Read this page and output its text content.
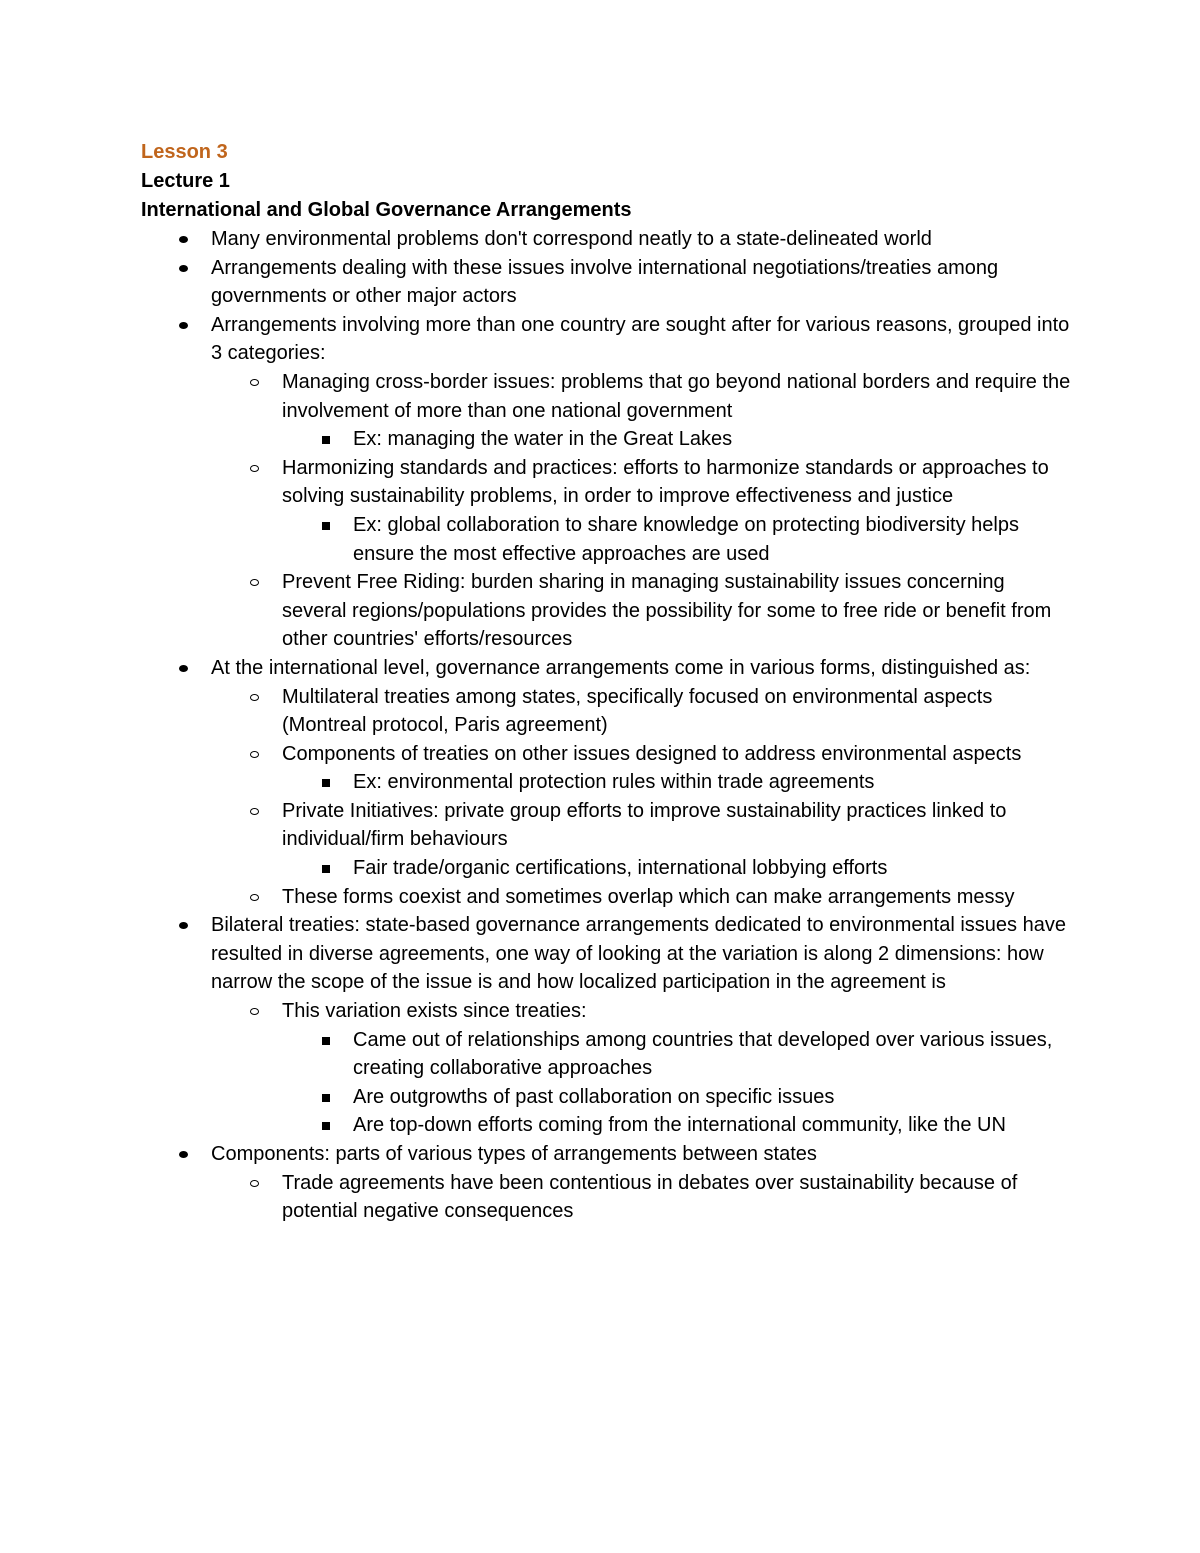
Lesson 3
Lecture 1
International and Global Governance Arrangements
Many environmental problems don't correspond neatly to a state-delineated world
Arrangements dealing with these issues involve international negotiations/treaties among governments or other major actors
Arrangements involving more than one country are sought after for various reasons, grouped into 3 categories:
Managing cross-border issues: problems that go beyond national borders and require the involvement of more than one national government
Ex: managing the water in the Great Lakes
Harmonizing standards and practices: efforts to harmonize standards or approaches to solving sustainability problems, in order to improve effectiveness and justice
Ex: global collaboration to share knowledge on protecting biodiversity helps ensure the most effective approaches are used
Prevent Free Riding: burden sharing in managing sustainability issues concerning several regions/populations provides the possibility for some to free ride or benefit from other countries' efforts/resources
At the international level, governance arrangements come in various forms, distinguished as:
Multilateral treaties among states, specifically focused on environmental aspects (Montreal protocol, Paris agreement)
Components of treaties on other issues designed to address environmental aspects
Ex: environmental protection rules within trade agreements
Private Initiatives: private group efforts to improve sustainability practices linked to individual/firm behaviours
Fair trade/organic certifications, international lobbying efforts
These forms coexist and sometimes overlap which can make arrangements messy
Bilateral treaties: state-based governance arrangements dedicated to environmental issues have resulted in diverse agreements, one way of looking at the variation is along 2 dimensions: how narrow the scope of the issue is and how localized participation in the agreement is
This variation exists since treaties:
Came out of relationships among countries that developed over various issues, creating collaborative approaches
Are outgrowths of past collaboration on specific issues
Are top-down efforts coming from the international community, like the UN
Components: parts of various types of arrangements between states
Trade agreements have been contentious in debates over sustainability because of potential negative consequences
